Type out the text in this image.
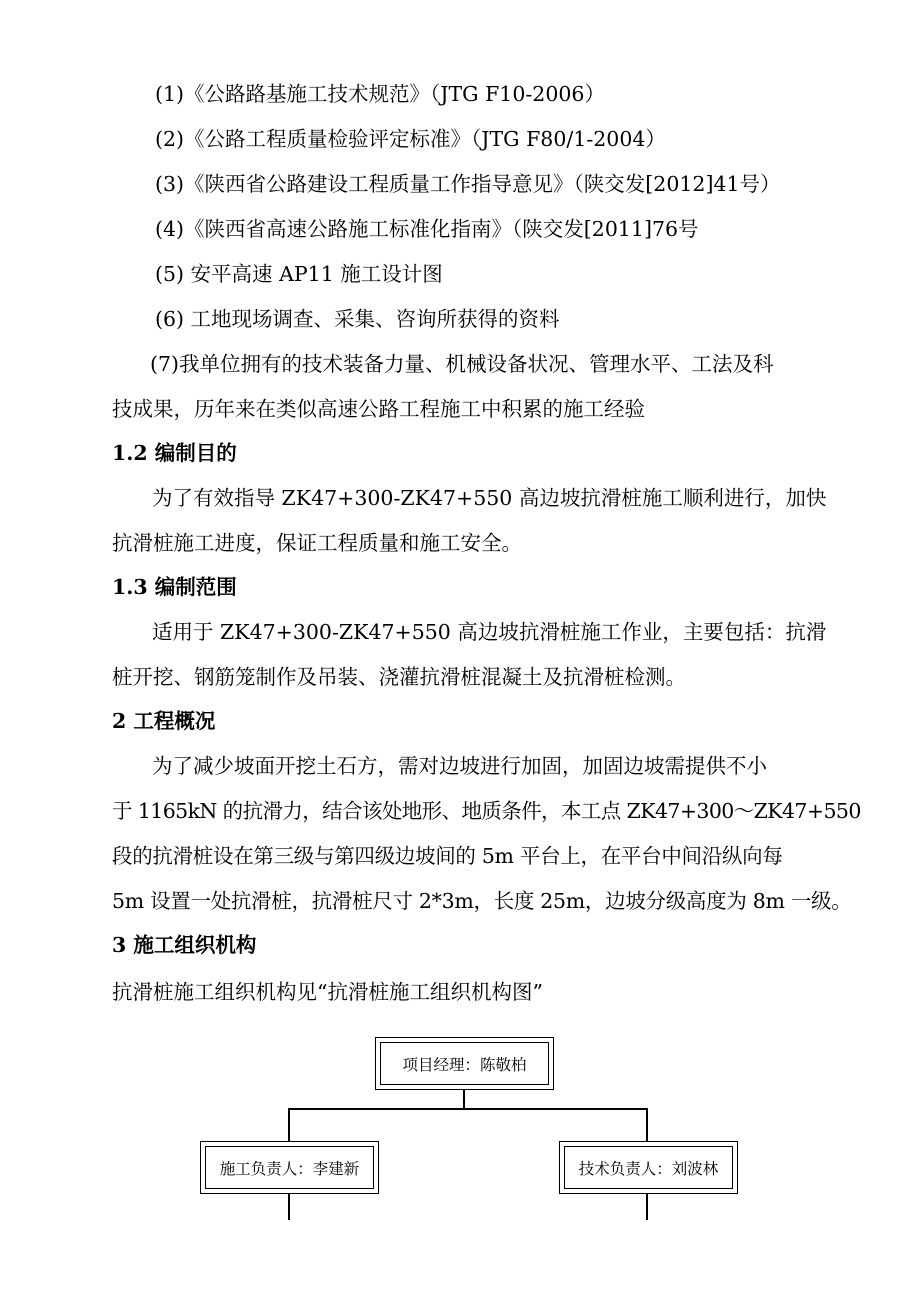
(1)《公路路基施工技术规范》（JTG F10-2006）
(2)《公路工程质量检验评定标准》（JTG F80/1-2004）
(3)《陕西省公路建设工程质量工作指导意见》（陕交发[2012]41号）
(4)《陕西省高速公路施工标准化指南》（陕交发[2011]76号
(5) 安平高速 AP11 施工设计图
(6) 工地现场调查、采集、咨询所获得的资料
(7)我单位拥有的技术装备力量、机械设备状况、管理水平、工法及科
技成果，历年来在类似高速公路工程施工中积累的施工经验
1.2 编制目的
为了有效指导 ZK47+300-ZK47+550 高边坡抗滑桩施工顺利进行，加快
抗滑桩施工进度，保证工程质量和施工安全。
1.3 编制范围
适用于 ZK47+300-ZK47+550 高边坡抗滑桩施工作业，主要包括：抗滑
桩开挖、钢筋笼制作及吊装、浇灌抗滑桩混凝土及抗滑桩检测。
2 工程概况
为了减少坡面开挖土石方，需对边坡进行加固，加固边坡需提供不小
于 1165kN 的抗滑力，结合该处地形、地质条件，本工点 ZK47+300～ZK47+550
段的抗滑桩设在第三级与第四级边坡间的 5m 平台上，在平台中间沿纵向每
5m 设置一处抗滑桩，抗滑桩尺寸 2*3m，长度 25m，边坡分级高度为 8m 一级。
3 施工组织机构
抗滑桩施工组织机构见“抗滑桩施工组织机构图”
项目经理：陈敬柏
施工负责人：李建新	技术负责人：刘波林
